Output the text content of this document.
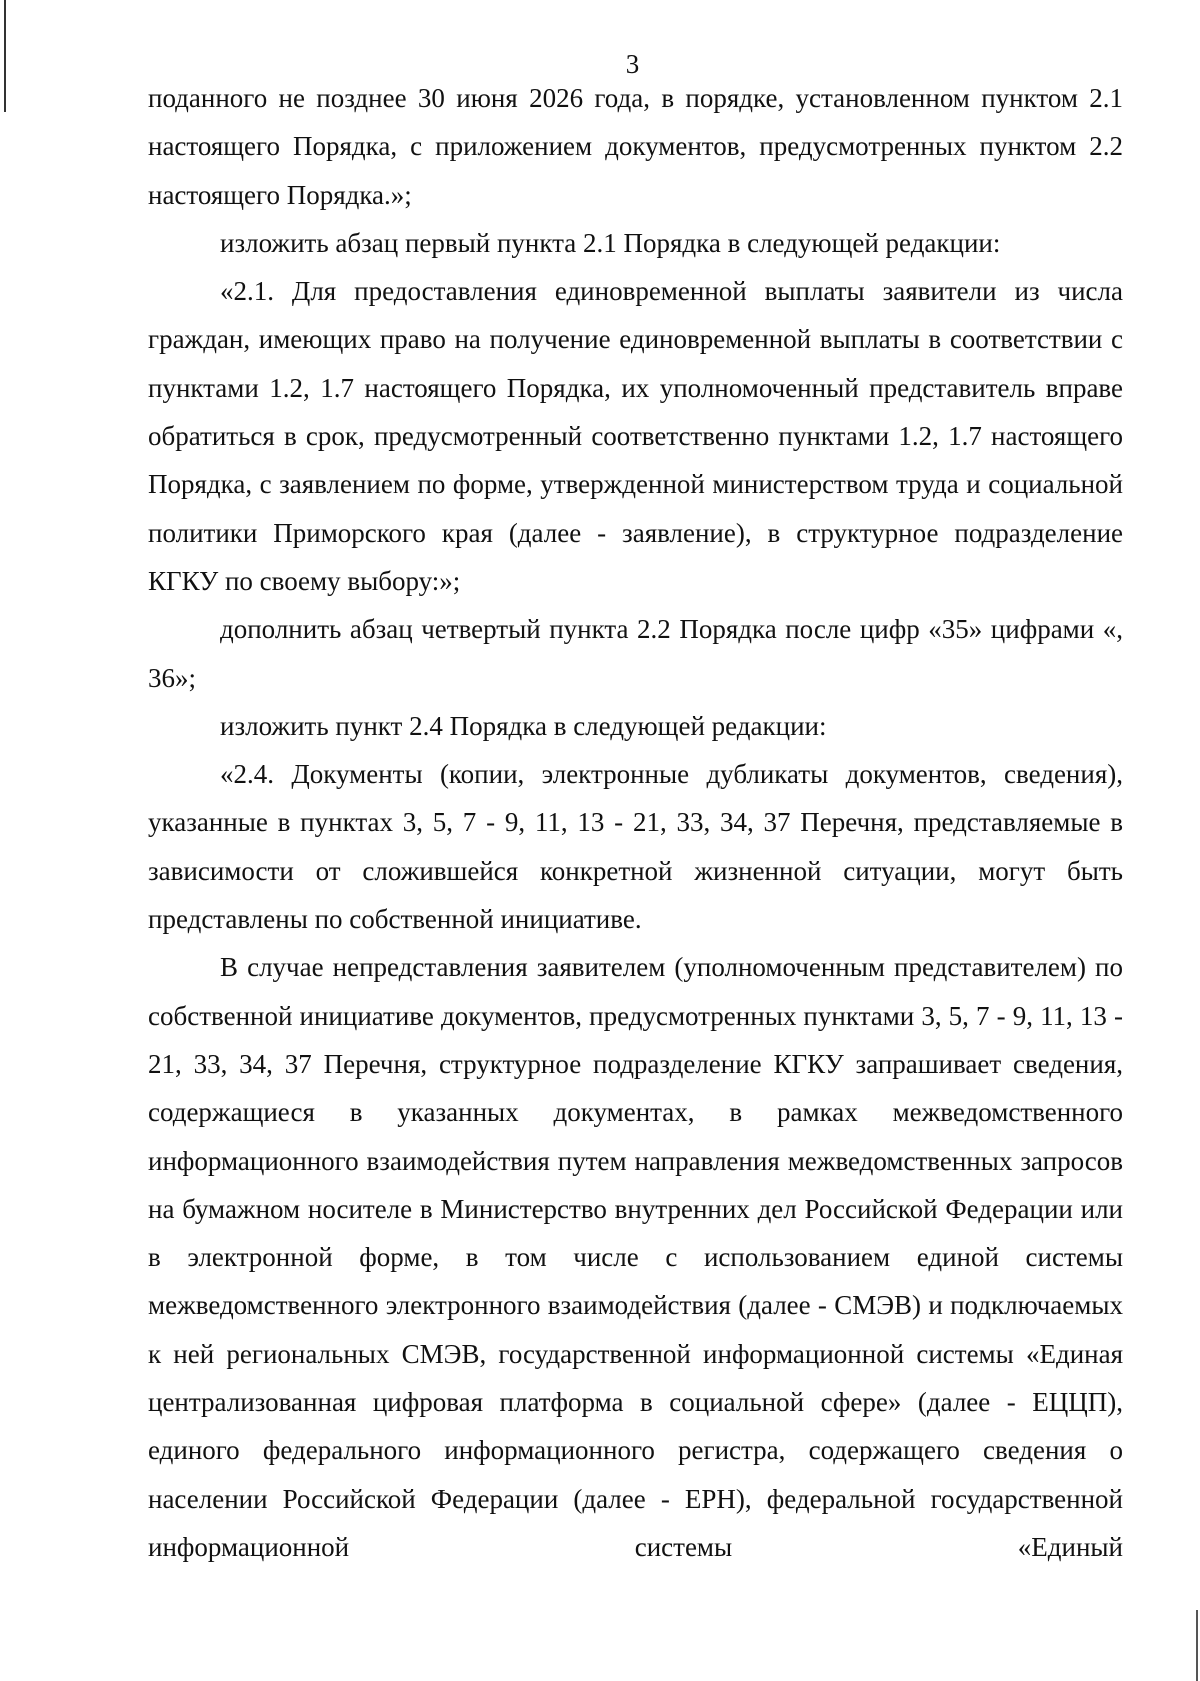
3

поданного не позднее 30 июня 2026 года, в порядке, установленном пунктом 2.1 настоящего Порядка, с приложением документов, предусмотренных пунктом 2.2 настоящего Порядка.»;

изложить абзац первый пункта 2.1 Порядка в следующей редакции:

«2.1. Для предоставления единовременной выплаты заявители из числа граждан, имеющих право на получение единовременной выплаты в соответствии с пунктами 1.2, 1.7 настоящего Порядка, их уполномоченный представитель вправе обратиться в срок, предусмотренный соответственно пунктами 1.2, 1.7 настоящего Порядка, с заявлением по форме, утвержденной министерством труда и социальной политики Приморского края (далее - заявление), в структурное подразделение КГКУ по своему выбору:»;

дополнить абзац четвертый пункта 2.2 Порядка после цифр «35» цифрами «, 36»;

изложить пункт 2.4 Порядка в следующей редакции:

«2.4. Документы (копии, электронные дубликаты документов, сведения), указанные в пунктах 3, 5, 7 - 9, 11, 13 - 21, 33, 34, 37 Перечня, представляемые в зависимости от сложившейся конкретной жизненной ситуации, могут быть представлены по собственной инициативе.

В случае непредставления заявителем (уполномоченным представителем) по собственной инициативе документов, предусмотренных пунктами 3, 5, 7 - 9, 11, 13 - 21, 33, 34, 37 Перечня, структурное подразделение КГКУ запрашивает сведения, содержащиеся в указанных документах, в рамках межведомственного информационного взаимодействия путем направления межведомственных запросов на бумажном носителе в Министерство внутренних дел Российской Федерации или в электронной форме, в том числе с использованием единой системы межведомственного электронного взаимодействия (далее - СМЭВ) и подключаемых к ней региональных СМЭВ, государственной информационной системы «Единая централизованная цифровая платформа в социальной сфере» (далее - ЕЦЦП), единого федерального информационного регистра, содержащего сведения о населении Российской Федерации (далее - ЕРН), федеральной государственной информационной системы «Единый
